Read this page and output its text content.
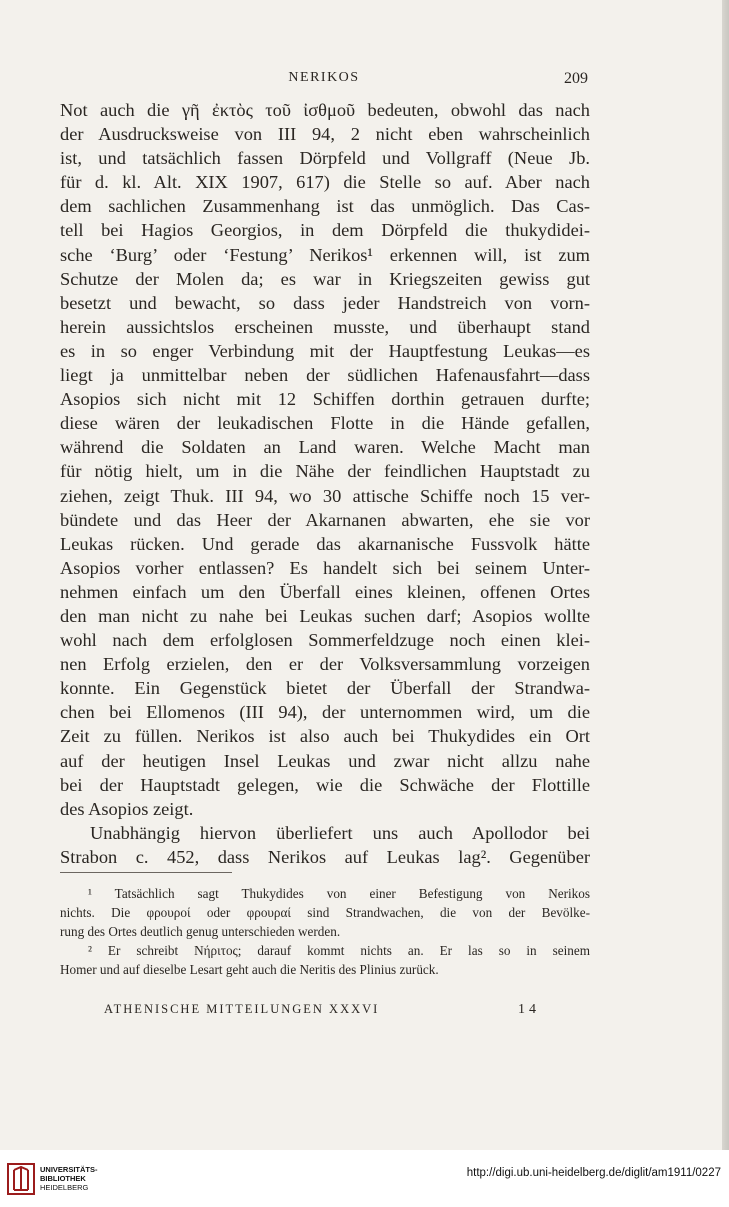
NERIKOS	209
Not auch die γῆ ἐκτὸς τοῦ ἰσθμοῦ bedeuten, obwohl das nach
der Ausdrucksweise von III 94, 2 nicht eben wahrscheinlich
ist, und tatsächlich fassen Dörpfeld und Vollgraff (Neue Jb.
für d. kl. Alt. XIX 1907, 617) die Stelle so auf. Aber nach
dem sachlichen Zusammenhang ist das unmöglich. Das Cas-
tell bei Hagios Georgios, in dem Dörpfeld die thukydidei-
sche ‘Burg’ oder ‘Festung’ Nerikos¹ erkennen will, ist zum
Schutze der Molen da; es war in Kriegszeiten gewiss gut
besetzt und bewacht, so dass jeder Handstreich von vorn-
herein aussichtslos erscheinen musste, und überhaupt stand
es in so enger Verbindung mit der Hauptfestung Leukas—es
liegt ja unmittelbar neben der südlichen Hafenausfahrt—dass
Asopios sich nicht mit 12 Schiffen dorthin getrauen durfte;
diese wären der leukadischen Flotte in die Hände gefallen,
während die Soldaten an Land waren. Welche Macht man
für nötig hielt, um in die Nähe der feindlichen Hauptstadt zu
ziehen, zeigt Thuk. III 94, wo 30 attische Schiffe noch 15 ver-
bündete und das Heer der Akarnanen abwarten, ehe sie vor
Leukas rücken. Und gerade das akarnanische Fussvolk hätte
Asopios vorher entlassen? Es handelt sich bei seinem Unter-
nehmen einfach um den Überfall eines kleinen, offenen Ortes
den man nicht zu nahe bei Leukas suchen darf; Asopios wollte
wohl nach dem erfolglosen Sommerfeldzuge noch einen klei-
nen Erfolg erzielen, den er der Volksversammlung vorzeigen
konnte. Ein Gegenstück bietet der Überfall der Strandwa-
chen bei Ellomenos (III 94), der unternommen wird, um die
Zeit zu füllen. Nerikos ist also auch bei Thukydides ein Ort
auf der heutigen Insel Leukas und zwar nicht allzu nahe
bei der Hauptstadt gelegen, wie die Schwäche der Flottille
des Asopios zeigt.
Unabhängig hiervon überliefert uns auch Apollodor bei
Strabon c. 452, dass Nerikos auf Leukas lag². Gegenüber
¹ Tatsächlich sagt Thukydides von einer Befestigung von Nerikos
nichts. Die φρουροί oder φρουραί sind Strandwachen, die von der Bevölke-
rung des Ortes deutlich genug unterschieden werden.
² Er schreibt Νήριτος; darauf kommt nichts an. Er las so in seinem
Homer und auf dieselbe Lesart geht auch die Neritis des Plinius zurück.
ATHENISCHE MITTEILUNGEN XXXVI	14
UNIVERSITÄTS-
BIBLIOTHEK
HEIDELBERG
http://digi.ub.uni-heidelberg.de/diglit/am1911/0227
